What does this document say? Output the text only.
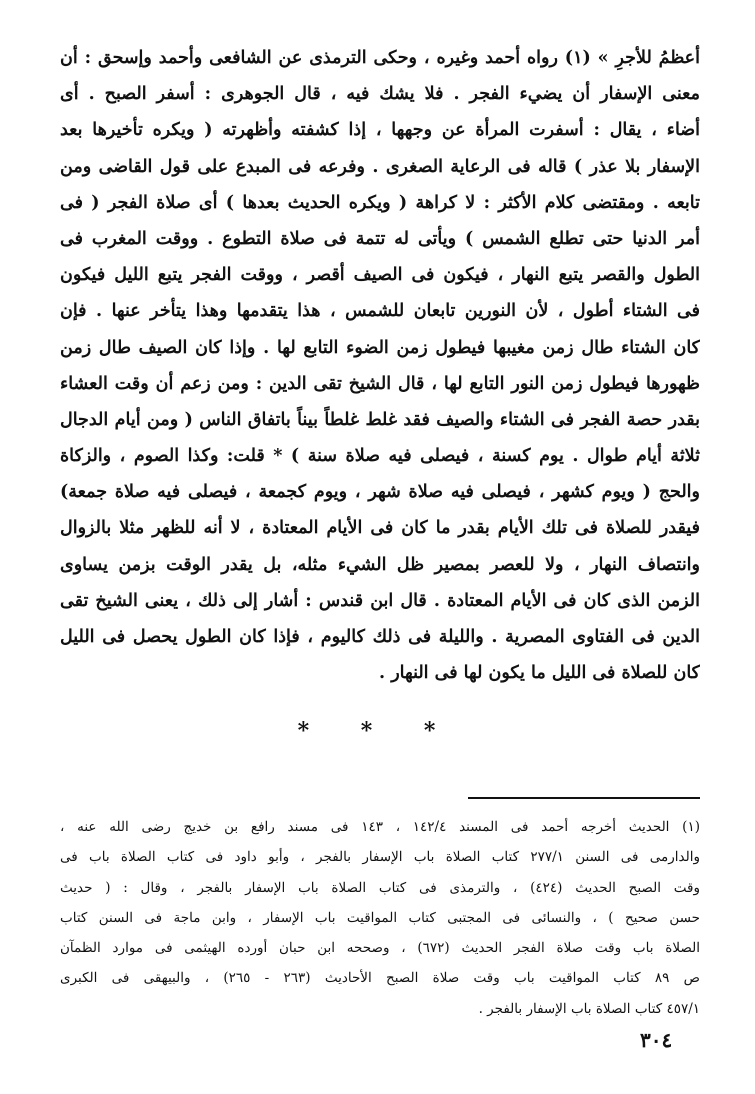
أعظمُ للأجرِ » (١) رواه أحمد وغيره ، وحكى الترمذى عن الشافعى وأحمد وإسحق : أن
معنى الإسفار أن يضيء الفجر . فلا يشك فيه ، قال الجوهرى : أسفر الصبح . أى
أضاء ، يقال : أسفرت المرأة عن وجهها ، إذا كشفته وأظهرته ( ويكره تأخيرها بعد
الإسفار بلا عذر ) قاله فى الرعاية الصغرى . وفرعه فى المبدع على قول القاضى ومن
تابعه . ومقتضى كلام الأكثر : لا كراهة ( ويكره الحديث بعدها ) أى صلاة الفجر ( فى
أمر الدنيا حتى تطلع الشمس ) ويأتى له تتمة فى صلاة التطوع . ووقت المغرب فى
الطول والقصر يتبع النهار ، فيكون فى الصيف أقصر ، ووقت الفجر يتبع الليل فيكون
فى الشتاء أطول ، لأن النورين تابعان للشمس ، هذا يتقدمها وهذا يتأخر عنها . فإن
كان الشتاء طال زمن مغيبها فيطول زمن الضوء التابع لها . وإذا كان الصيف طال زمن
ظهورها فيطول زمن النور التابع لها ، قال الشيخ تقى الدين : ومن زعم أن وقت العشاء
بقدر حصة الفجر فى الشتاء والصيف فقد غلط غلطاً بيناً باتفاق الناس ( ومن أيام الدجال
ثلاثة أيام طوال . يوم كسنة ، فيصلى فيه صلاة سنة ) * قلت: وكذا الصوم ، والزكاة
والحج ( ويوم كشهر ، فيصلى فيه صلاة شهر ، ويوم كجمعة ، فيصلى فيه صلاة جمعة)
فيقدر للصلاة فى تلك الأيام بقدر ما كان فى الأيام المعتادة ، لا أنه للظهر مثلا بالزوال
وانتصاف النهار ، ولا للعصر بمصير ظل الشيء مثله، بل يقدر الوقت بزمن يساوى
الزمن الذى كان فى الأيام المعتادة . قال ابن قندس : أشار إلى ذلك ، يعنى الشيخ تقى
الدين فى الفتاوى المصرية . والليلة فى ذلك كاليوم ، فإذا كان الطول يحصل فى الليل
كان للصلاة فى الليل ما يكون لها فى النهار .
* * *
(١) الحديث أخرجه أحمد فى المسند ١٤٢/٤ ، ١٤٣ فى مسند رافع بن خديج رضى الله عنه ،
والدارمى فى السنن ٢٧٧/١ كتاب الصلاة باب الإسفار بالفجر ، وأبو داود فى كتاب الصلاة باب فى
وقت الصبح الحديث (٤٢٤) ، والترمذى فى كتاب الصلاة باب الإسفار بالفجر ، وقال : ( حديث
حسن صحيح ) ، والنسائى فى المجتبى كتاب المواقيت باب الإسفار ، وابن ماجة فى السنن كتاب
الصلاة باب وقت صلاة الفجر الحديث (٦٧٢) ، وصححه ابن حبان أورده الهيثمى فى موارد الظمآن
ص ٨٩ كتاب المواقيت باب وقت صلاة الصبح الأحاديث (٢٦٣ - ٢٦٥) ، والبيهقى فى الكبرى
٤٥٧/١ كتاب الصلاة باب الإسفار بالفجر .
٣٠٤
